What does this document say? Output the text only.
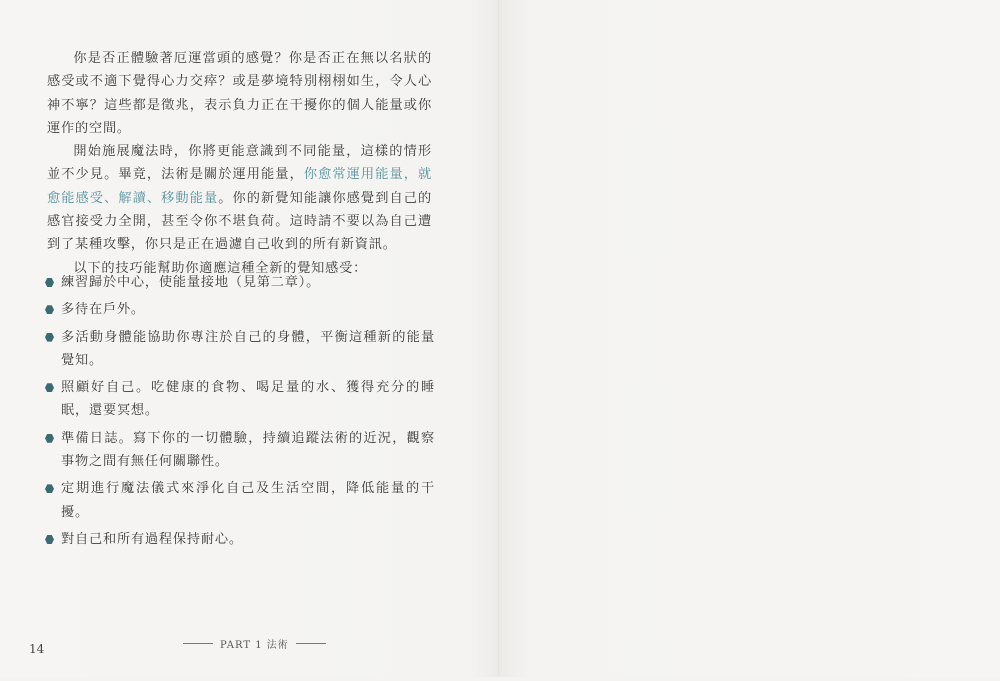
你是否正體驗著厄運當頭的感覺？你是否正在無以名狀的感受或不適下覺得心力交瘁？或是夢境特別栩栩如生，令人心神不寧？這些都是徵兆，表示負力正在干擾你的個人能量或你運作的空間。

開始施展魔法時，你將更能意識到不同能量，這樣的情形並不少見。畢竟，法術是關於運用能量，你愈常運用能量，就愈能感受、解讀、移動能量。你的新覺知能讓你感覺到自己的感官接受力全開，甚至令你不堪負荷。這時請不要以為自己遭到了某種攻擊，你只是正在過濾自己收到的所有新資訊。

以下的技巧能幫助你適應這種全新的覺知感受：

練習歸於中心，使能量接地（見第二章）。
多待在戶外。
多活動身體能協助你專注於自己的身體，平衡這種新的能量覺知。
照顧好自己。吃健康的食物、喝足量的水、獲得充分的睡眠，還要冥想。
準備日誌。寫下你的一切體驗，持續追蹤法術的近況，觀察事物之間有無任何關聯性。
定期進行魔法儀式來淨化自己及生活空間，降低能量的干擾。
對自己和所有過程保持耐心。
PART 1 法術
14
